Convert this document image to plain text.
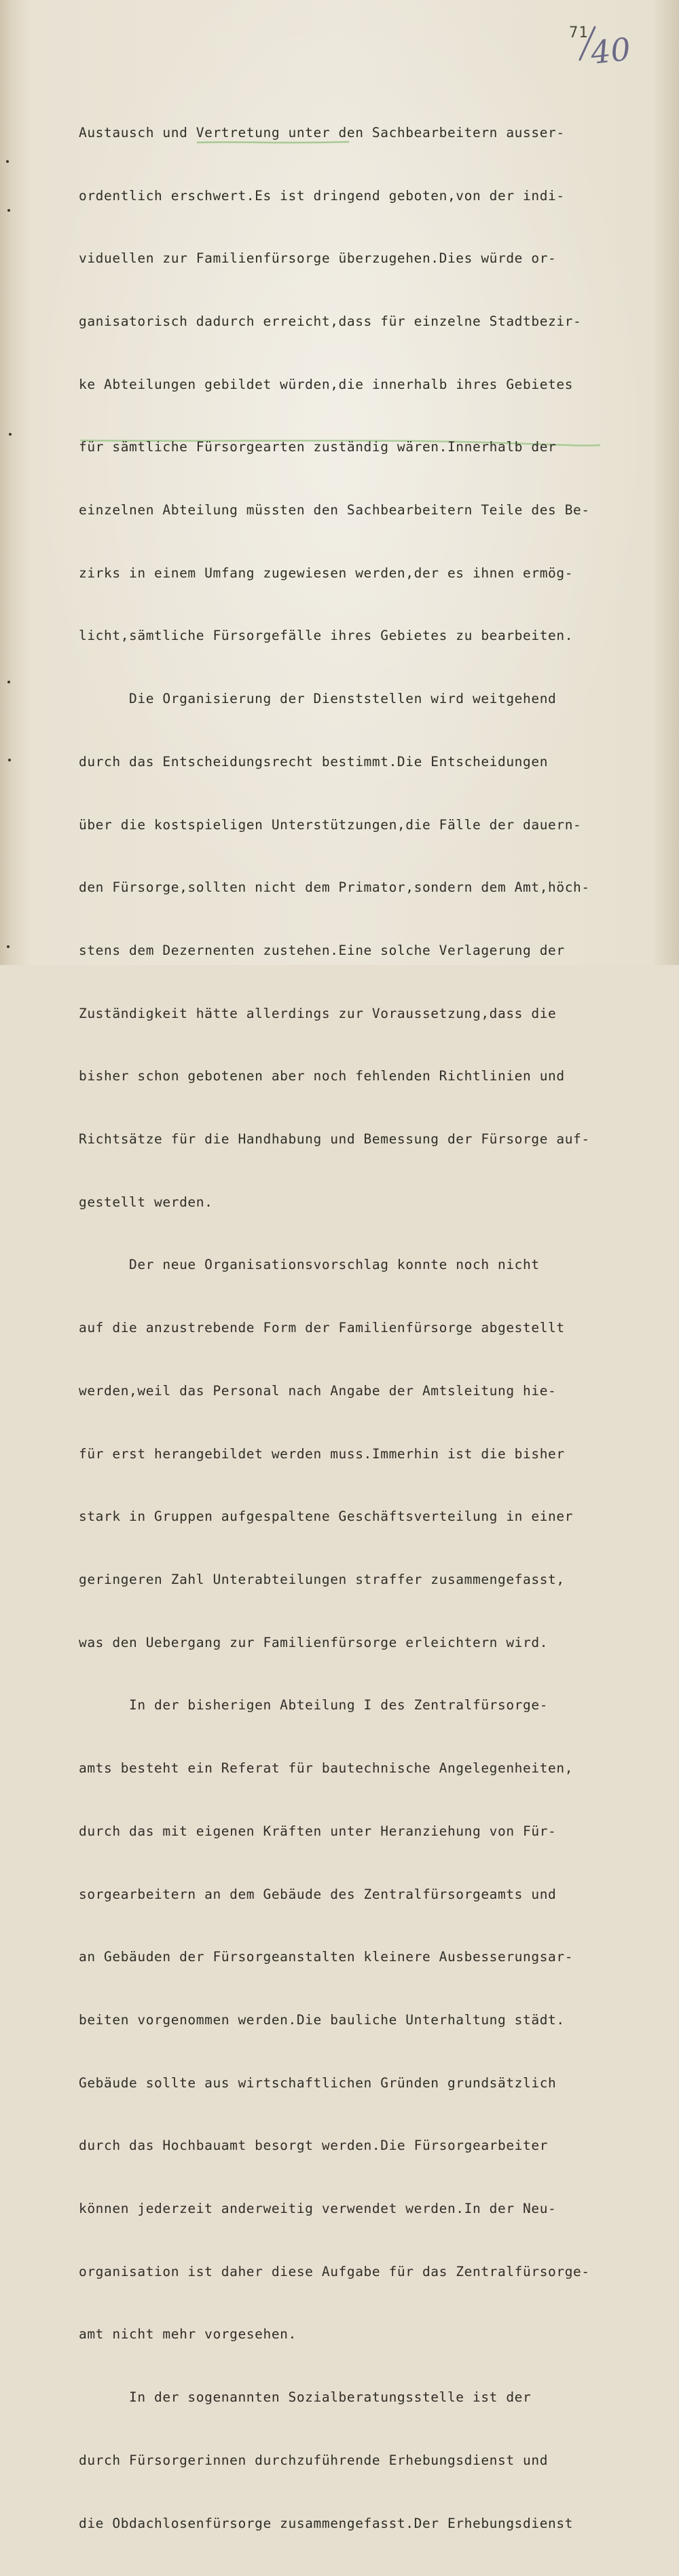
71 40

Austausch und Vertretung unter den Sachbearbeitern ausser-

ordentlich erschwert.Es ist dringend geboten,von der indi-

viduellen zur Familienfürsorge überzugehen.Dies würde or-

ganisatorisch dadurch erreicht,dass für einzelne Stadtbezir-

ke Abteilungen gebildet würden,die innerhalb ihres Gebietes

für sämtliche Fürsorgearten zuständig wären.Innerhalb der

einzelnen Abteilung müssten den Sachbearbeitern Teile des Be-

zirks in einem Umfang zugewiesen werden,der es ihnen ermög-

licht,sämtliche Fürsorgefälle ihres Gebietes zu bearbeiten.

Die Organisierung der Dienststellen wird weitgehend

durch das Entscheidungsrecht bestimmt.Die Entscheidungen

über die kostspieligen Unterstützungen,die Fälle der dauern-

den Fürsorge,sollten nicht dem Primator,sondern dem Amt,höch-

stens dem Dezernenten zustehen.Eine solche Verlagerung der

Zuständigkeit hätte allerdings zur Voraussetzung,dass die

bisher schon gebotenen aber noch fehlenden Richtlinien und

Richtsätze für die Handhabung und Bemessung der Fürsorge auf-

gestellt werden.

Der neue Organisationsvorschlag konnte noch nicht

auf die anzustrebende Form der Familienfürsorge abgestellt

werden,weil das Personal nach Angabe der Amtsleitung hie-

für erst herangebildet werden muss.Immerhin ist die bisher

stark in Gruppen aufgespaltene Geschäftsverteilung in einer

geringeren Zahl Unterabteilungen straffer zusammengefasst,

was den Uebergang zur Familienfürsorge erleichtern wird.

In der bisherigen Abteilung I des Zentralfürsorge-

amts besteht ein Referat für bautechnische Angelegenheiten,

durch das mit eigenen Kräften unter Heranziehung von Für-

sorgearbeitern an dem Gebäude des Zentralfürsorgeamts und

an Gebäuden der Fürsorgeanstalten kleinere Ausbesserungsar-

beiten vorgenommen werden.Die bauliche Unterhaltung städt.

Gebäude sollte aus wirtschaftlichen Gründen grundsätzlich

durch das Hochbauamt besorgt werden.Die Fürsorgearbeiter

können jederzeit anderweitig verwendet werden.In der Neu-

organisation ist daher diese Aufgabe für das Zentralfürsorge-

amt nicht mehr vorgesehen.

In der sogenannten Sozialberatungsstelle ist der

durch Fürsorgerinnen durchzuführende Erhebungsdienst und

die Obdachlosenfürsorge zusammengefasst.Der Erhebungsdienst
